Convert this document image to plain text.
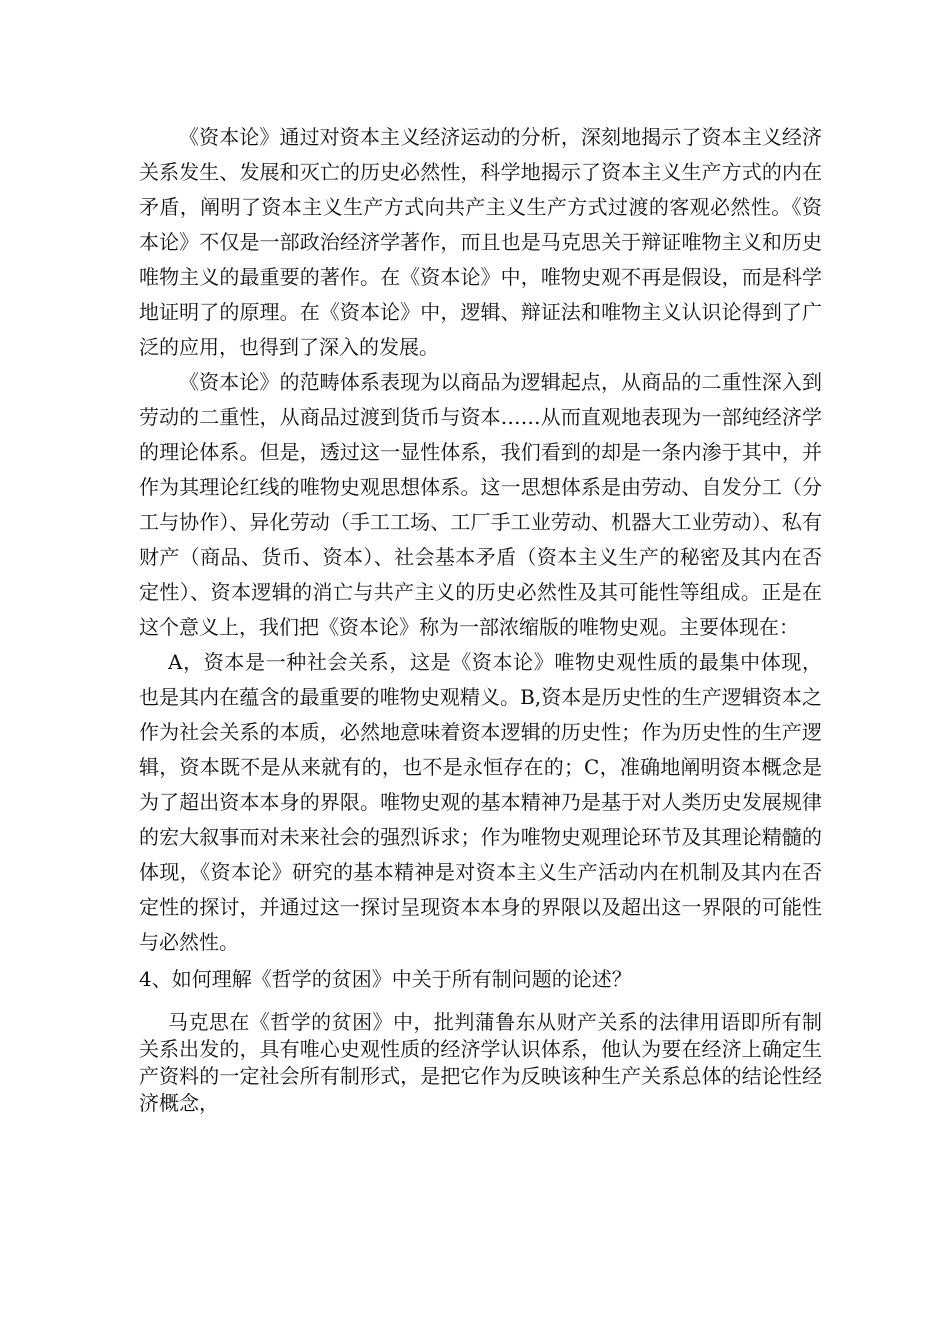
《资本论》通过对资本主义经济运动的分析，深刻地揭示了资本主义经济关系发生、发展和灭亡的历史必然性，科学地揭示了资本主义生产方式的内在矛盾，阐明了资本主义生产方式向共产主义生产方式过渡的客观必然性。《资本论》不仅是一部政治经济学著作，而且也是马克思关于辩证唯物主义和历史唯物主义的最重要的著作。在《资本论》中，唯物史观不再是假设，而是科学地证明了的原理。在《资本论》中，逻辑、辩证法和唯物主义认识论得到了广泛的应用，也得到了深入的发展。

《资本论》的范畴体系表现为以商品为逻辑起点，从商品的二重性深入到劳动的二重性，从商品过渡到货币与资本……从而直观地表现为一部纯经济学的理论体系。但是，透过这一显性体系，我们看到的却是一条内渗于其中，并作为其理论红线的唯物史观思想体系。这一思想体系是由劳动、自发分工（分工与协作）、异化劳动（手工工场、工厂手工业劳动、机器大工业劳动）、私有财产（商品、货币、资本）、社会基本矛盾（资本主义生产的秘密及其内在否定性）、资本逻辑的消亡与共产主义的历史必然性及其可能性等组成。正是在这个意义上，我们把《资本论》称为一部浓缩版的唯物史观。主要体现在：

A，资本是一种社会关系，这是《资本论》唯物史观性质的最集中体现，也是其内在蕴含的最重要的唯物史观精义。B,资本是历史性的生产逻辑资本之作为社会关系的本质，必然地意味着资本逻辑的历史性；作为历史性的生产逻辑，资本既不是从来就有的，也不是永恒存在的；C，准确地阐明资本概念是为了超出资本本身的界限。唯物史观的基本精神乃是基于对人类历史发展规律的宏大叙事而对未来社会的强烈诉求；作为唯物史观理论环节及其理论精髓的体现，《资本论》研究的基本精神是对资本主义生产活动内在机制及其内在否定性的探讨，并通过这一探讨呈现资本本身的界限以及超出这一界限的可能性与必然性。

4、如何理解《哲学的贫困》中关于所有制问题的论述？

马克思在《哲学的贫困》中，批判蒲鲁东从财产关系的法律用语即所有制关系出发的，具有唯心史观性质的经济学认识体系，他认为要在经济上确定生产资料的一定社会所有制形式，是把它作为反映该种生产关系总体的结论性经济概念，
